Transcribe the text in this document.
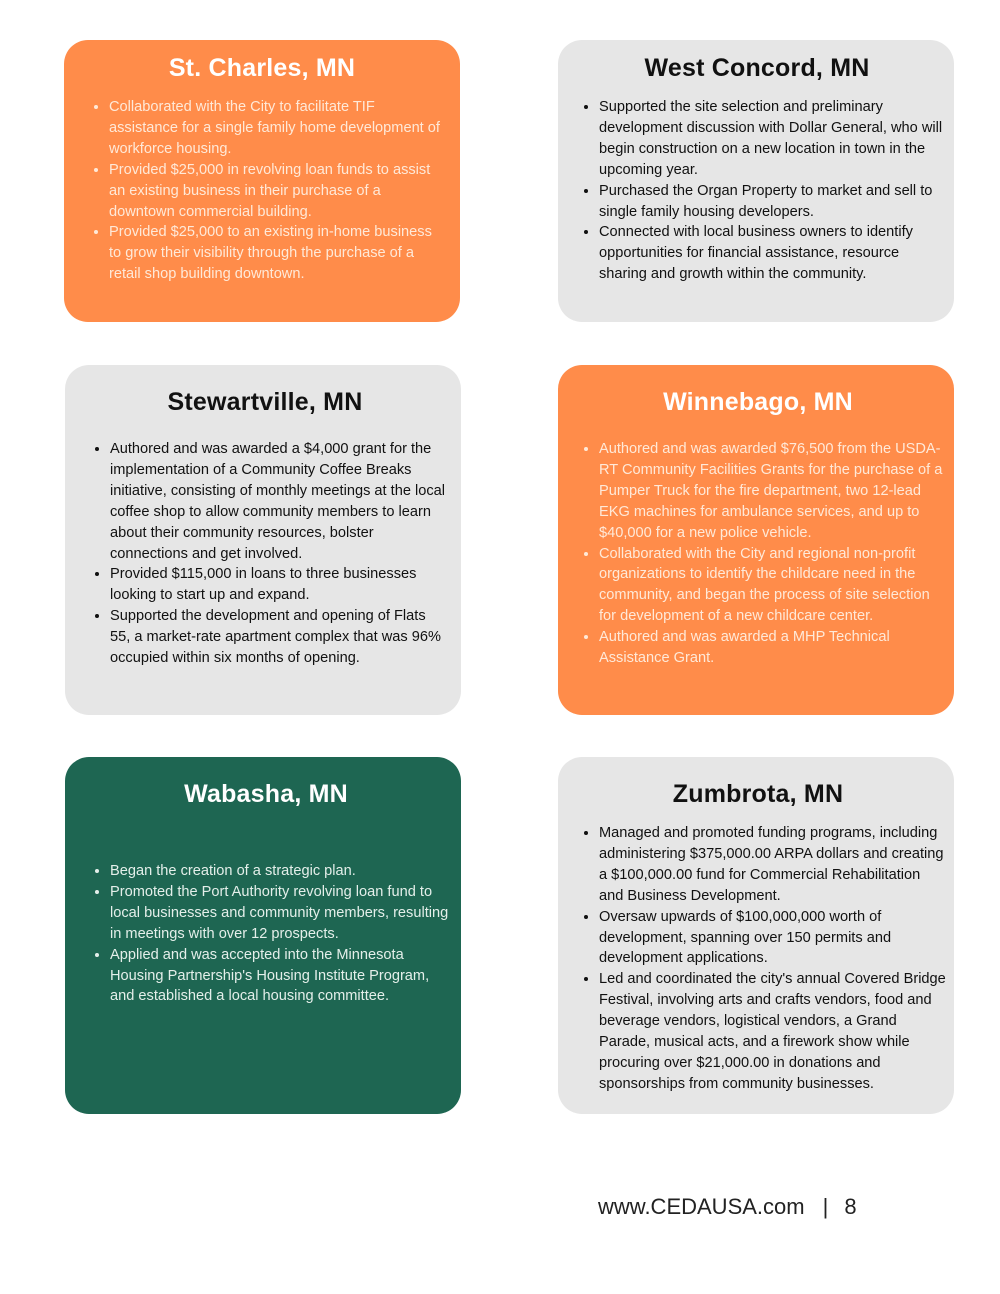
St. Charles, MN
• Collaborated with the City to facilitate TIF assistance for a single family home development of workforce housing.
• Provided $25,000 in revolving loan funds to assist an existing business in their purchase of a downtown commercial building.
• Provided $25,000 to an existing in-home business to grow their visibility through the purchase of a retail shop building downtown.
West Concord, MN
• Supported the site selection and preliminary development discussion with Dollar General, who will begin construction on a new location in town in the upcoming year.
• Purchased the Organ Property to market and sell to single family housing developers.
• Connected with local business owners to identify opportunities for financial assistance, resource sharing and growth within the community.
Stewartville, MN
• Authored and was awarded a $4,000 grant for the implementation of a Community Coffee Breaks initiative, consisting of monthly meetings at the local coffee shop to allow community members to learn about their community resources, bolster connections and get involved.
• Provided $115,000 in loans to three businesses looking to start up and expand.
• Supported the development and opening of Flats 55, a market-rate apartment complex that was 96% occupied within six months of opening.
Winnebago, MN
• Authored and was awarded $76,500 from the USDA-RT Community Facilities Grants for the purchase of a Pumper Truck for the fire department, two 12-lead EKG machines for ambulance services, and up to $40,000 for a new police vehicle.
• Collaborated with the City and regional non-profit organizations to identify the childcare need in the community, and began the process of site selection for development of a new childcare center.
• Authored and was awarded a MHP Technical Assistance Grant.
Wabasha, MN
• Began the creation of a strategic plan.
• Promoted the Port Authority revolving loan fund to local businesses and community members, resulting in meetings with over 12 prospects.
• Applied and was accepted into the Minnesota Housing Partnership's Housing Institute Program, and established a local housing committee.
Zumbrota, MN
• Managed and promoted funding programs, including administering $375,000.00 ARPA dollars and creating a $100,000.00 fund for Commercial Rehabilitation and Business Development.
• Oversaw upwards of $100,000,000 worth of development, spanning over 150 permits and development applications.
• Led and coordinated the city's annual Covered Bridge Festival, involving arts and crafts vendors, food and beverage vendors, logistical vendors, a Grand Parade, musical acts, and a firework show while procuring over $21,000.00 in donations and sponsorships from community businesses.
www.CEDAUSA.com | 8
